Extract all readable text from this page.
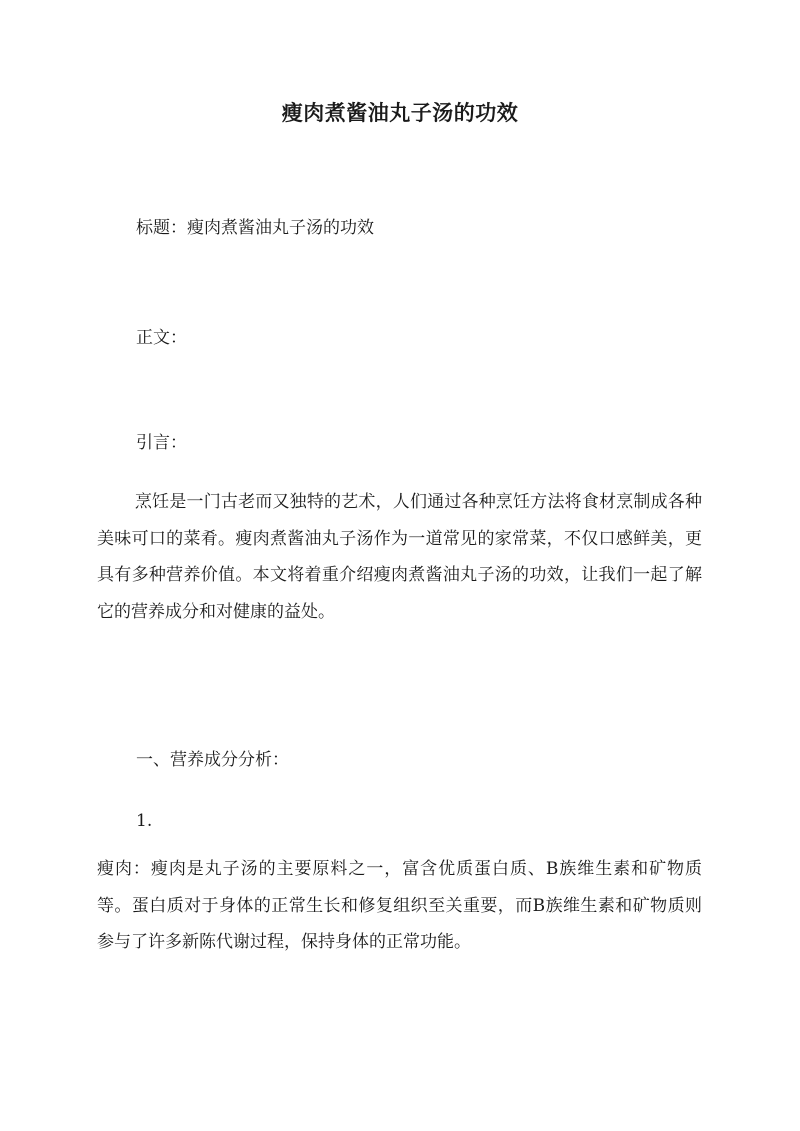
瘦肉煮酱油丸子汤的功效
标题：瘦肉煮酱油丸子汤的功效
正文：
引言：
烹饪是一门古老而又独特的艺术，人们通过各种烹饪方法将食材烹制成各种美味可口的菜肴。瘦肉煮酱油丸子汤作为一道常见的家常菜，不仅口感鲜美，更具有多种营养价值。本文将着重介绍瘦肉煮酱油丸子汤的功效，让我们一起了解它的营养成分和对健康的益处。
一、营养成分分析：
1.
瘦肉：瘦肉是丸子汤的主要原料之一，富含优质蛋白质、B族维生素和矿物质等。蛋白质对于身体的正常生长和修复组织至关重要，而B族维生素和矿物质则参与了许多新陈代谢过程，保持身体的正常功能。
